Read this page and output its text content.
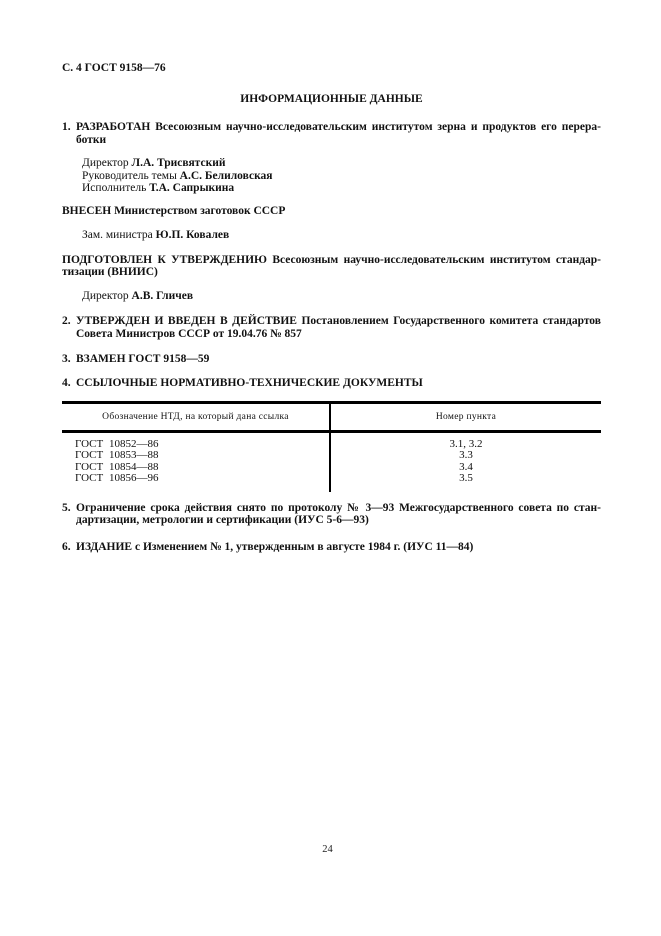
С. 4 ГОСТ 9158—76
ИНФОРМАЦИОННЫЕ ДАННЫЕ
1. РАЗРАБОТАН Всесоюзным научно-исследовательским институтом зерна и продуктов его перера-
ботки
Директор Л.А. Трисвятский
Руководитель темы А.С. Белиловская
Исполнитель Т.А. Сапрыкина
ВНЕСЕН Министерством заготовок СССР
Зам. министра Ю.П. Ковалев
ПОДГОТОВЛЕН К УТВЕРЖДЕНИЮ Всесоюзным научно-исследовательским институтом стандар-
тизации (ВНИИС)
Директор А.В. Гличев
2. УТВЕРЖДЕН И ВВЕДЕН В ДЕЙСТВИЕ Постановлением Государственного комитета стандартов
Совета Министров СССР от 19.04.76 № 857
3. ВЗАМЕН ГОСТ 9158—59
4. ССЫЛОЧНЫЕ НОРМАТИВНО-ТЕХНИЧЕСКИЕ ДОКУМЕНТЫ
Обозначение НТД, на который дана ссылка	Номер пункта
ГОСТ 10852—86	3.1, 3.2
ГОСТ 10853—88	3.3
ГОСТ 10854—88	3.4
ГОСТ 10856—96	3.5
5. Ограничение срока действия снято по протоколу № 3—93 Межгосударственного совета по стан-
дартизации, метрологии и сертификации (ИУС 5-6—93)
6. ИЗДАНИЕ с Изменением № 1, утвержденным в августе 1984 г. (ИУС 11—84)
24
